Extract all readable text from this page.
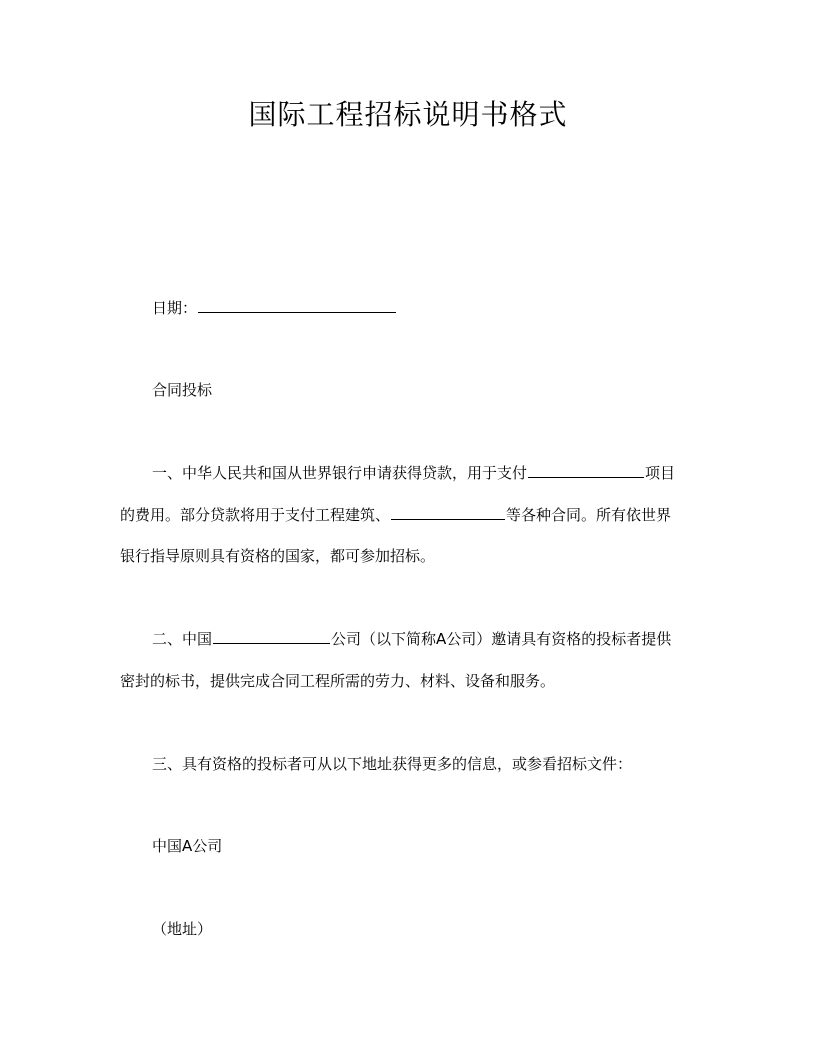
国际工程招标说明书格式
日期：
合同投标
一、中华人民共和国从世界银行申请获得贷款，用于支付	项目
的费用。部分贷款将用于支付工程建筑、	等各种合同。所有依世界
银行指导原则具有资格的国家，都可参加招标。
二、中国	公司（以下简称A公司）邀请具有资格的投标者提供
密封的标书，提供完成合同工程所需的劳力、材料、设备和服务。
三、具有资格的投标者可从以下地址获得更多的信息，或参看招标文件：
中国A公司
（地址）
